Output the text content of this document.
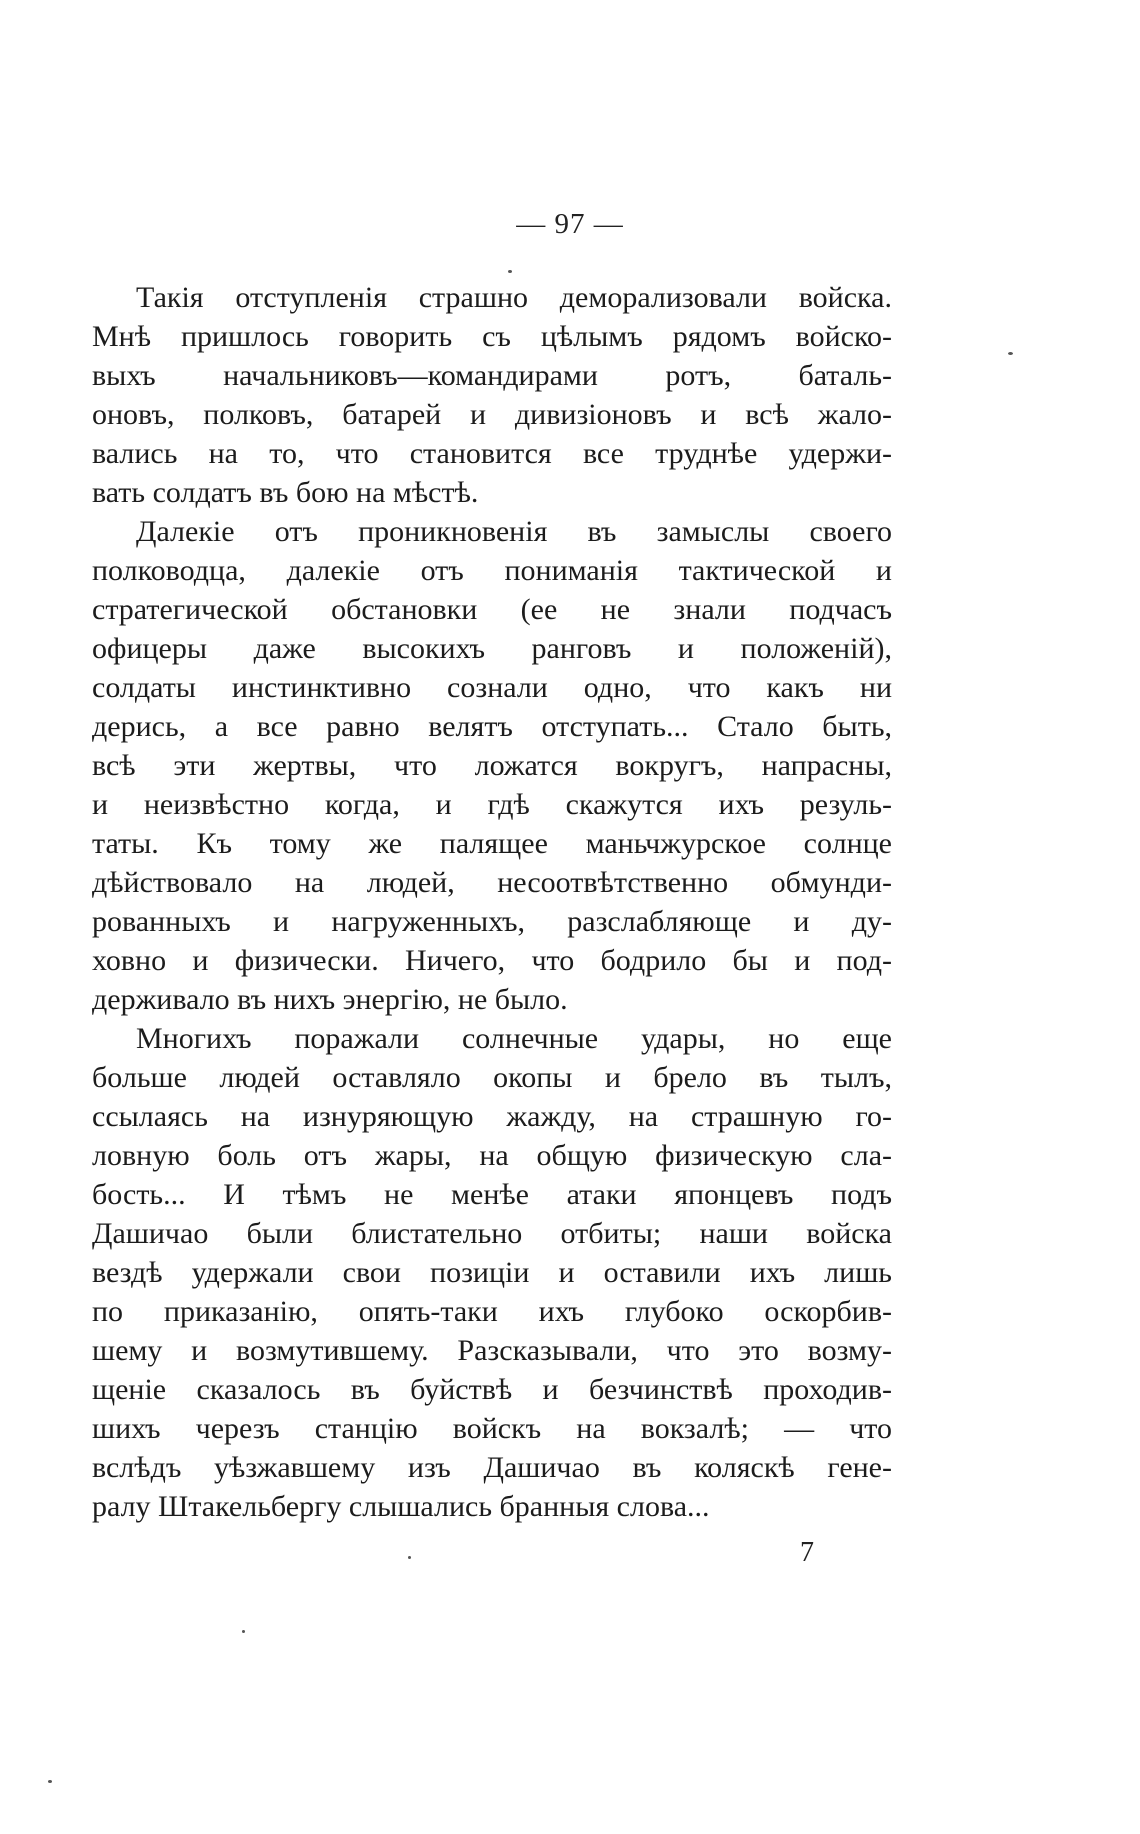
— 97 —
Такія отступленія страшно деморализовали войска.
Мнѣ пришлось говорить съ цѣлымъ рядомъ войско-
выхъ начальниковъ—командирами ротъ, баталь-
оновъ, полковъ, батарей и дивизіоновъ и всѣ жало-
вались на то, что становится все труднѣе удержи-
вать солдатъ въ бою на мѣстѣ.
Далекіе отъ проникновенія въ замыслы своего
полководца, далекіе отъ пониманія тактической и
стратегической обстановки (ее не знали подчасъ
офицеры даже высокихъ ранговъ и положеній),
солдаты инстинктивно сознали одно, что какъ ни
дерись, а все равно велятъ отступать... Стало быть,
всѣ эти жертвы, что ложатся вокругъ, напрасны,
и неизвѣстно когда, и гдѣ скажутся ихъ резуль-
таты. Къ тому же палящее маньчжурское солнце
дѣйствовало на людей, несоотвѣтственно обмунди-
рованныхъ и нагруженныхъ, разслабляюще и ду-
ховно и физически. Ничего, что бодрило бы и под-
держивало въ нихъ энергію, не было.
Многихъ поражали солнечные удары, но еще
больше людей оставляло окопы и брело въ тылъ,
ссылаясь на изнуряющую жажду, на страшную го-
ловную боль отъ жары, на общую физическую сла-
бость... И тѣмъ не менѣе атаки японцевъ подъ
Дашичао были блистательно отбиты; наши войска
вездѣ удержали свои позиціи и оставили ихъ лишь
по приказанію, опять-таки ихъ глубоко оскорбив-
шему и возмутившему. Разсказывали, что это возму-
щеніе сказалось въ буйствѣ и безчинствѣ проходив-
шихъ черезъ станцію войскъ на вокзалѣ; — что
вслѣдъ уѣзжавшему изъ Дашичао въ коляскѣ гене-
ралу Штакельбергу слышались бранныя слова...
7
